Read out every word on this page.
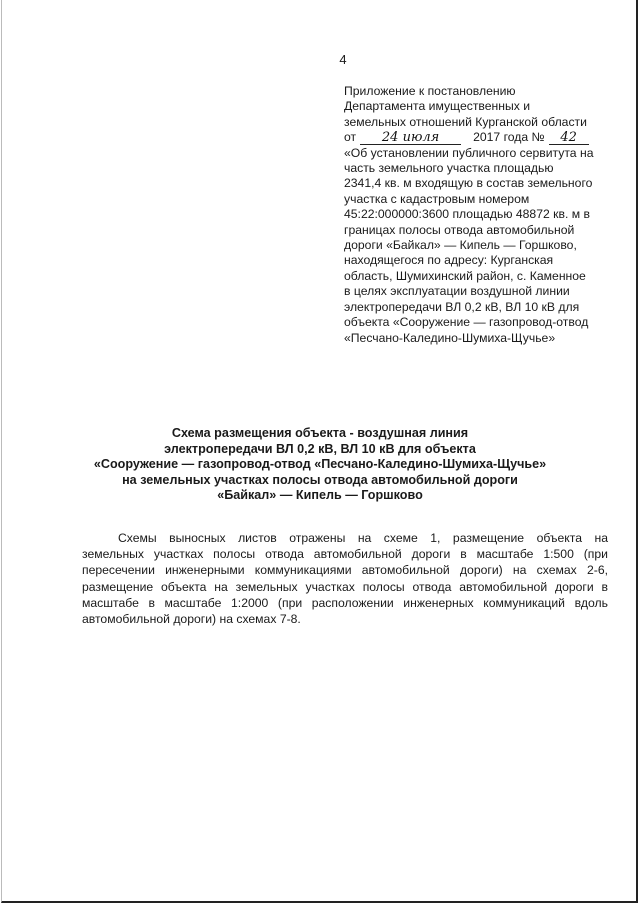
4
Приложение к постановлению
Департамента имущественных и
земельных отношений Курганской области
от 24 июля	2017 года № 42
«Об установлении публичного сервитута на
часть земельного участка площадью
2341,4 кв. м входящую в состав земельного
участка с кадастровым номером
45:22:000000:3600 площадью 48872 кв. м в
границах полосы отвода автомобильной
дороги «Байкал» — Кипель — Горшково,
находящегося по адресу: Курганская
область, Шумихинский район, с. Каменное
в целях эксплуатации воздушной линии
электропередачи ВЛ 0,2 кВ, ВЛ 10 кВ для
объекта «Сооружение — газопровод-отвод
«Песчано-Каледино-Шумиха-Щучье»
Схема размещения объекта - воздушная линия
электропередачи ВЛ 0,2 кВ, ВЛ 10 кВ для объекта
«Сооружение — газопровод-отвод «Песчано-Каледино-Шумиха-Щучье»
на земельных участках полосы отвода автомобильной дороги
«Байкал» — Кипель — Горшково
Схемы выносных листов отражены на схеме 1, размещение объекта на
земельных участках полосы отвода автомобильной дороги в масштабе 1:500 (при
пересечении инженерными коммуникациями автомобильной дороги) на схемах 2-6,
размещение объекта на земельных участках полосы отвода автомобильной дороги в
масштабе в масштабе 1:2000 (при расположении инженерных коммуникаций вдоль
автомобильной дороги) на схемах 7-8.
